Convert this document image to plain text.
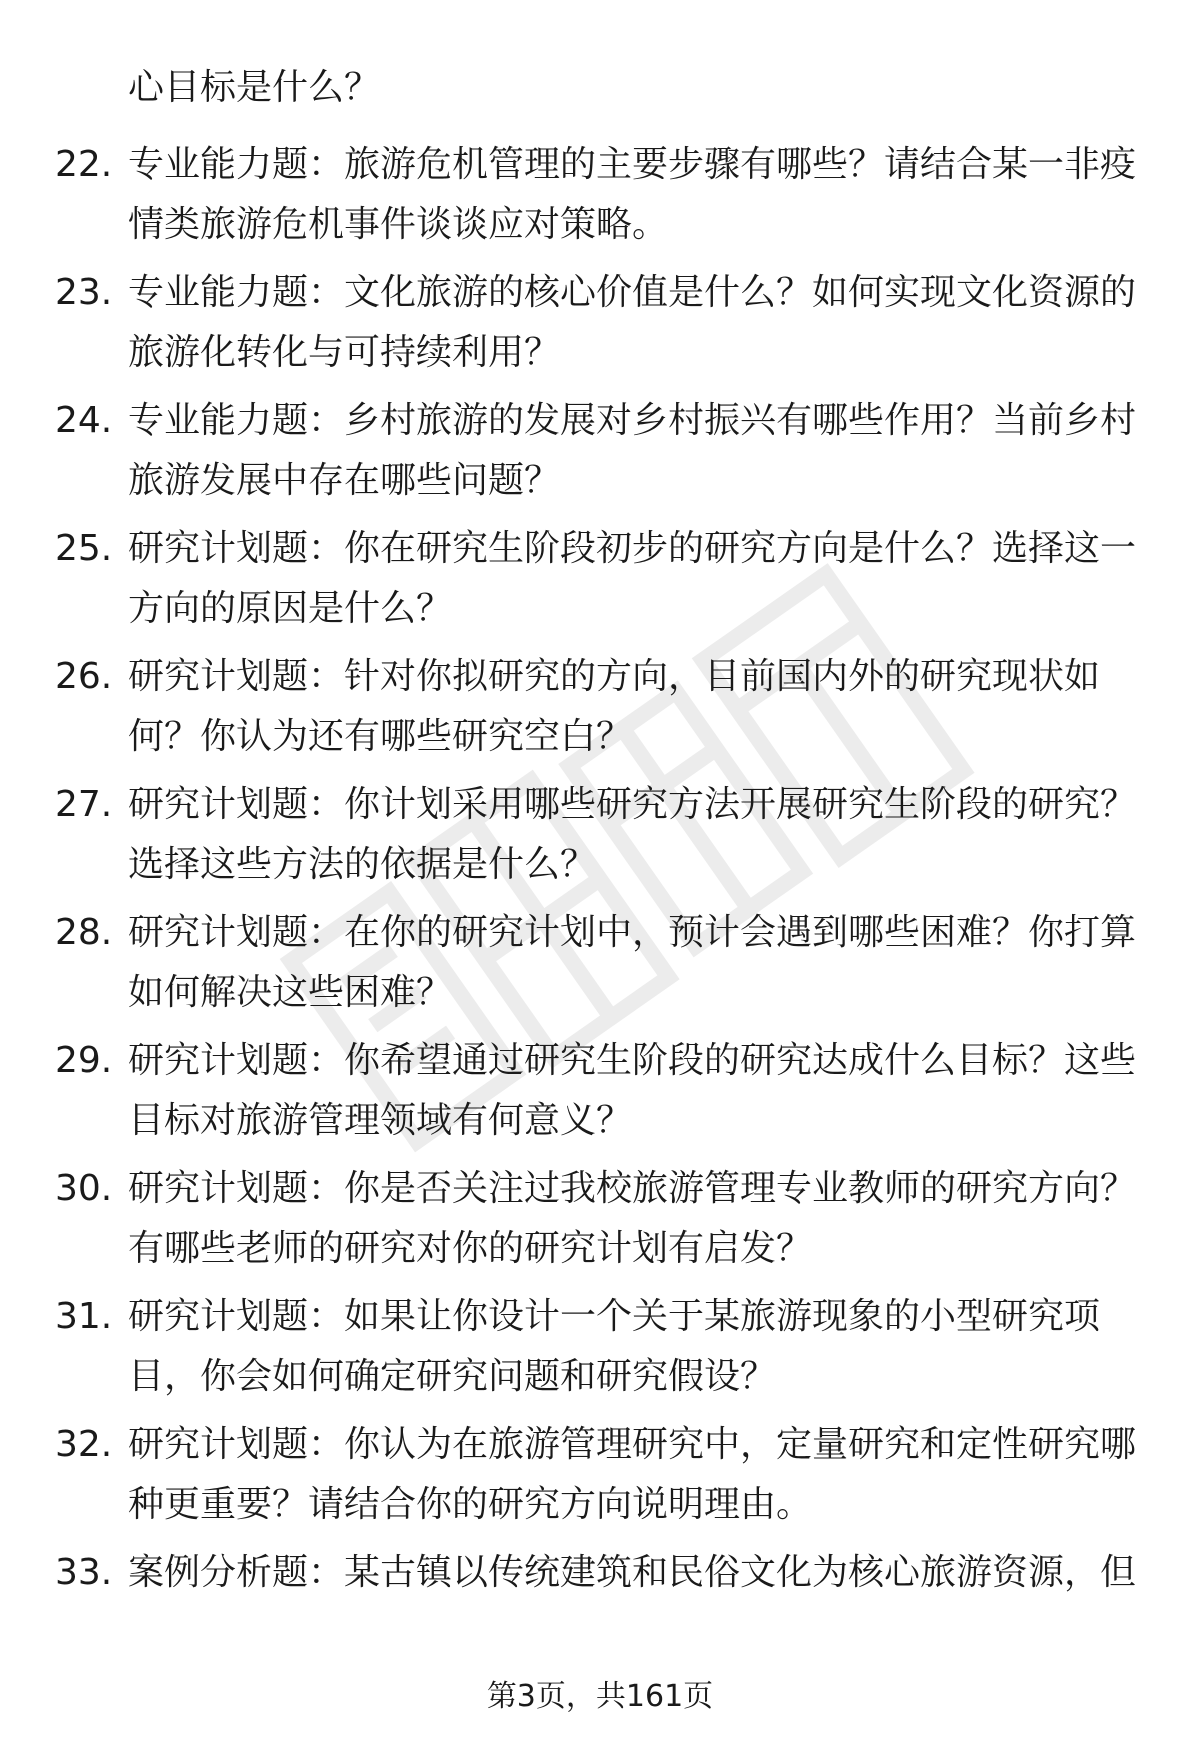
心目标是什么？

22. 专业能力题：旅游危机管理的主要步骤有哪些？请结合某一非疫情类旅游危机事件谈谈应对策略。
23. 专业能力题：文化旅游的核心价值是什么？如何实现文化资源的旅游化转化与可持续利用？
24. 专业能力题：乡村旅游的发展对乡村振兴有哪些作用？当前乡村旅游发展中存在哪些问题？
25. 研究计划题：你在研究生阶段初步的研究方向是什么？选择这一方向的原因是什么？
26. 研究计划题：针对你拟研究的方向，目前国内外的研究现状如何？你认为还有哪些研究空白？
27. 研究计划题：你计划采用哪些研究方法开展研究生阶段的研究？选择这些方法的依据是什么？
28. 研究计划题：在你的研究计划中，预计会遇到哪些困难？你打算如何解决这些困难？
29. 研究计划题：你希望通过研究生阶段的研究达成什么目标？这些目标对旅游管理领域有何意义？
30. 研究计划题：你是否关注过我校旅游管理专业教师的研究方向？有哪些老师的研究对你的研究计划有启发？
31. 研究计划题：如果让你设计一个关于某旅游现象的小型研究项目，你会如何确定研究问题和研究假设？
32. 研究计划题：你认为在旅游管理研究中，定量研究和定性研究哪种更重要？请结合你的研究方向说明理由。
33. 案例分析题：某古镇以传统建筑和民俗文化为核心旅游资源，但
第3页，共161页
